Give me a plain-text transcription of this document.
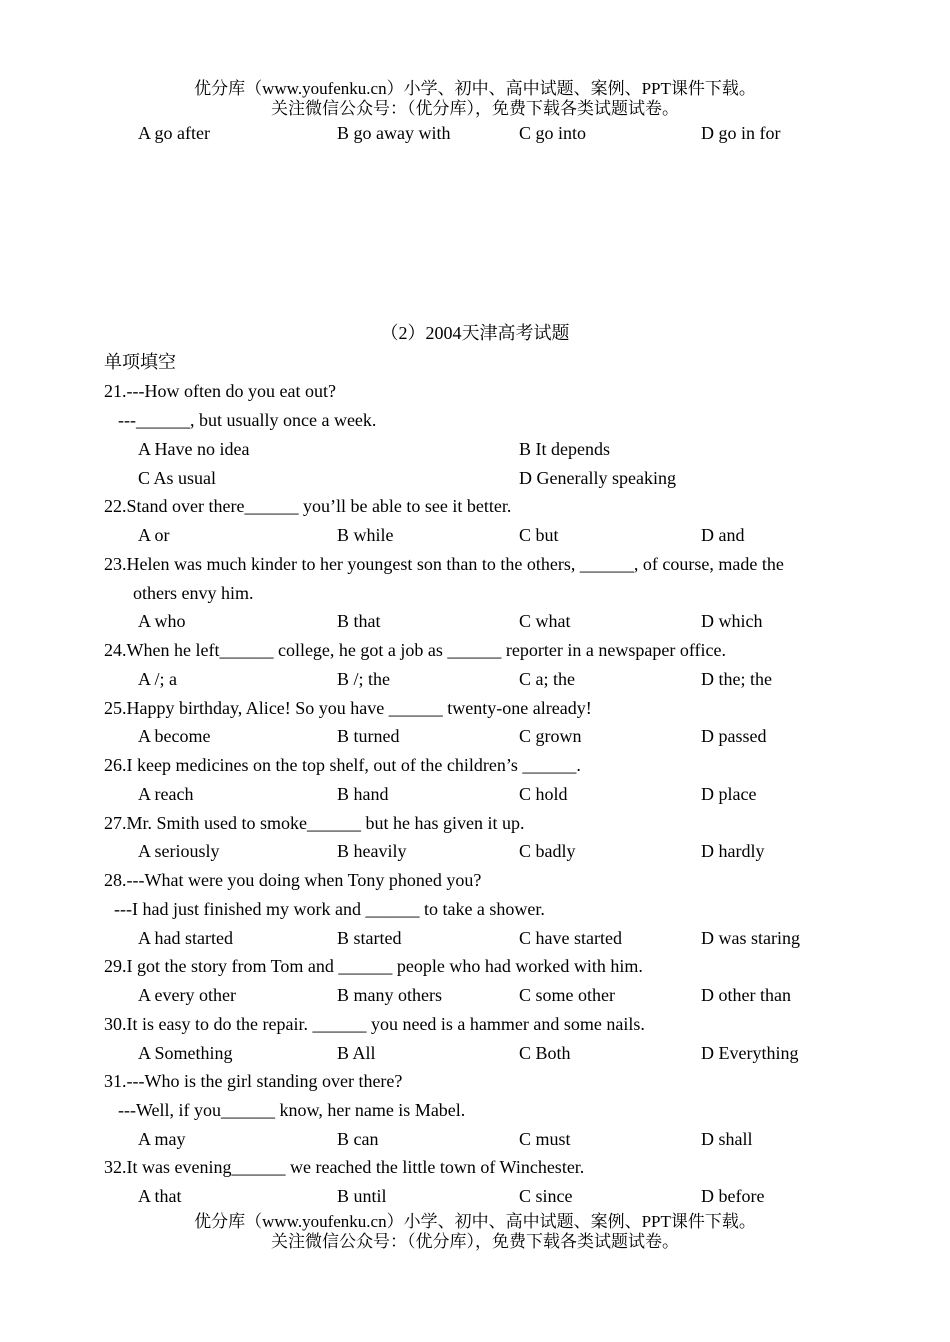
优分库（www.youfenku.cn）小学、初中、高中试题、案例、PPT课件下载。
关注微信公众号：（优分库），免费下载各类试题试卷。
A go after	B go away with	C go into	D go in for
（2）2004天津高考试题
单项填空
21.---How often do you eat out?
---______, but usually once a week.
A Have no idea	B It depends
C As usual	D Generally speaking
22.Stand over there______ you’ll be able to see it better.
A or	B while	C but	D and
23.Helen was much kinder to her youngest son than to the others, ______, of course, made the
others envy him.
A who	B that	C what	D which
24.When he left______ college, he got a job as ______ reporter in a newspaper office.
A /; a	B /; the	C a; the	D the; the
25.Happy birthday, Alice! So you have ______ twenty-one already!
A become	B turned	C grown	D passed
26.I keep medicines on the top shelf, out of the children’s ______.
A reach	B hand	C hold	D place
27.Mr. Smith used to smoke______ but he has given it up.
A seriously	B heavily	C badly	D hardly
28.---What were you doing when Tony phoned you?
---I had just finished my work and ______ to take a shower.
A had started	B started	C have started	D was staring
29.I got the story from Tom and ______ people who had worked with him.
A every other	B many others	C some other	D other than
30.It is easy to do the repair. ______ you need is a hammer and some nails.
A Something	B All	C Both	D Everything
31.---Who is the girl standing over there?
---Well, if you______ know, her name is Mabel.
A may	B can	C must	D shall
32.It was evening______ we reached the little town of Winchester.
A that	B until	C since	D before
优分库（www.youfenku.cn）小学、初中、高中试题、案例、PPT课件下载。
关注微信公众号：（优分库），免费下载各类试题试卷。
